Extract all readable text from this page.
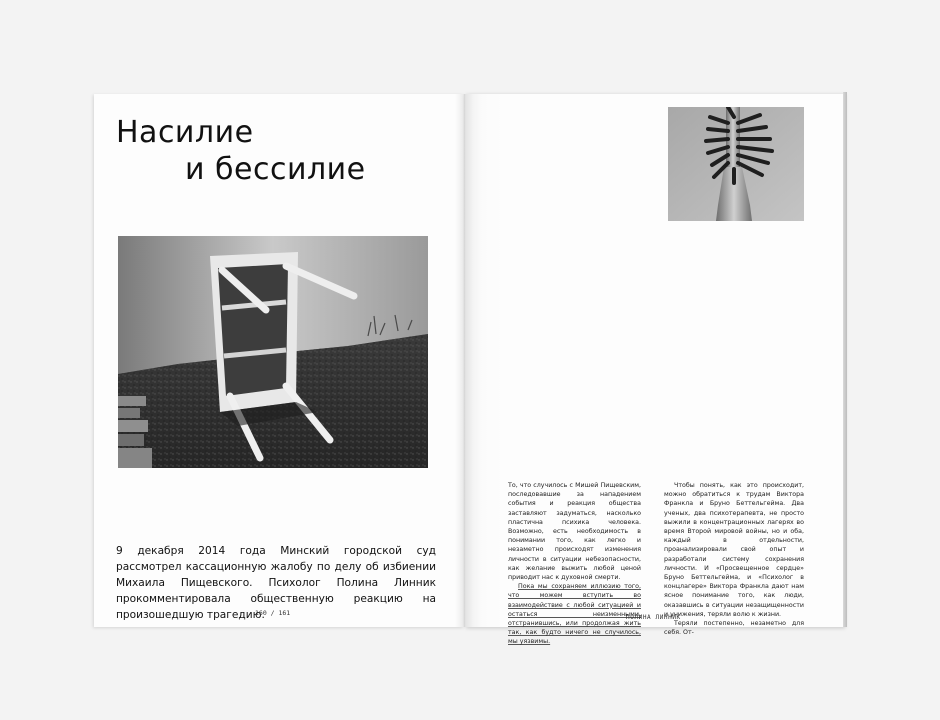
Насилие
и бессилие

9 декабря 2014 года Минский городской суд рассмотрел кассационную жалобу по делу об избиении Михаила Пищевского. Психолог Полина Линник прокомментировала общественную реакцию на произошедшую трагедию.

160 / 161

То, что случилось с Мишей Пищевским, последовавшие за нападением события и реакция общества заставляют задуматься, насколько пластична психика человека. Возможно, есть необходимость в понимании того, как легко и незаметно происходят изменения личности в ситуации небезопасности, как желание выжить любой ценой приводит нас к духовной смерти.

Пока мы сохраняем иллюзию того, что можем вступить во взаимодействие с любой ситуацией и остаться неизменными, отстранившись, или продолжая жить так, как будто ничего не случилось, мы уязвимы.

Чтобы понять, как это происходит, можно обратиться к трудам Виктора Франкла и Бруно Беттельгейма. Два ученых, два психотерапевта, не просто выжили в концентрационных лагерях во время Второй мировой войны, но и оба, каждый в отдельности, проанализировали свой опыт и разработали систему сохранения личности. И «Просвещенное сердце» Бруно Беттельгейма, и «Психолог в концлагере» Виктора Франкла дают нам ясное понимание того, как люди, оказавшись в ситуации незащищенности и унижения, теряли волю к жизни.

Теряли постепенно, незаметно для себя. От-

ПОЛИНА ЛИННИК
